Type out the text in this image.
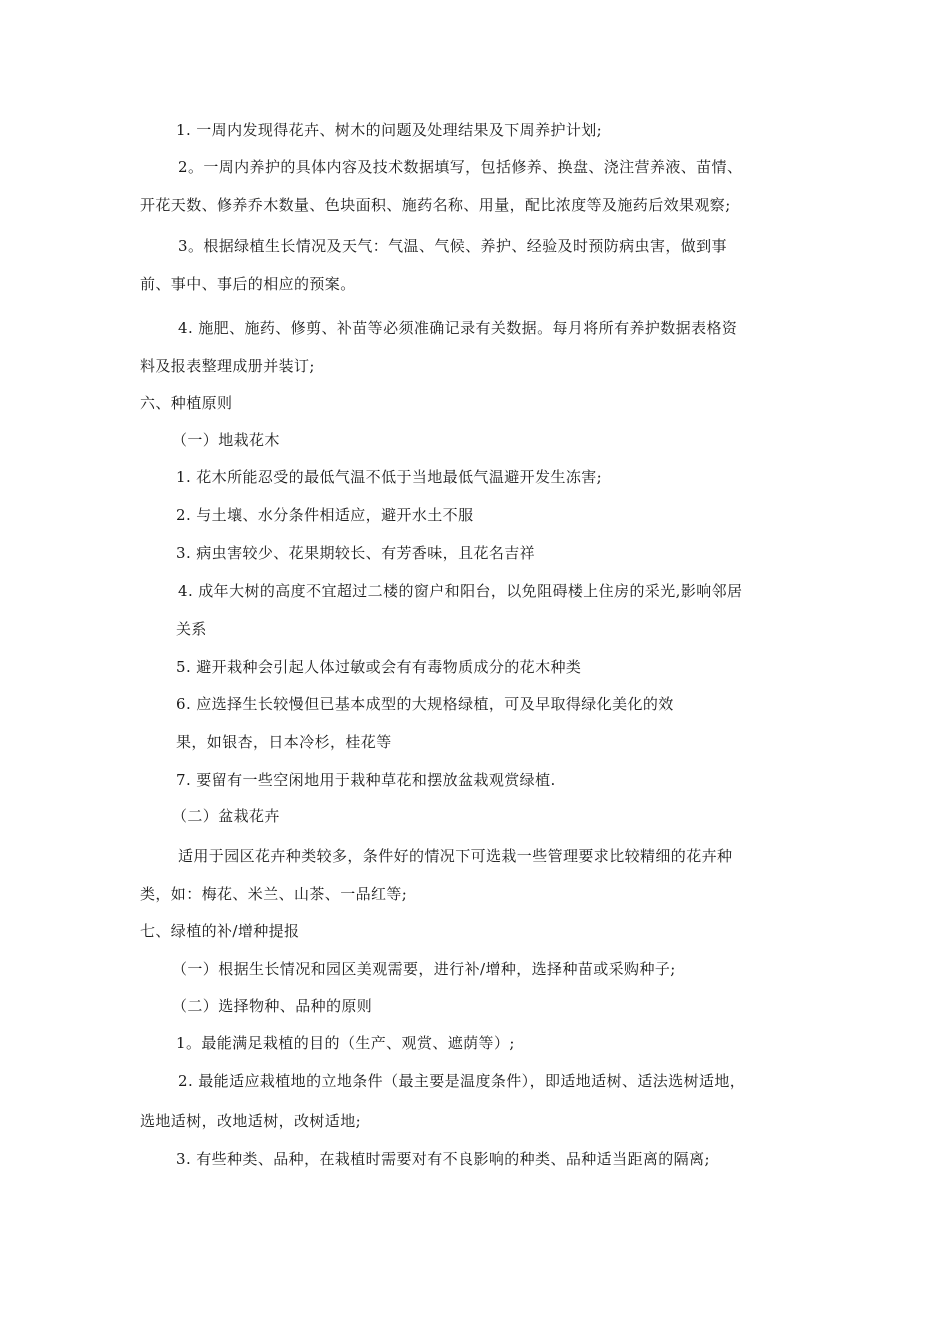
1. 一周内发现得花卉、树木的问题及处理结果及下周养护计划;
2。一周内养护的具体内容及技术数据填写，包括修养、换盘、浇注营养液、苗情、
开花天数、修养乔木数量、色块面积、施药名称、用量，配比浓度等及施药后效果观察;
3。根据绿植生长情况及天气：气温、气候、养护、经验及时预防病虫害，做到事
前、事中、事后的相应的预案。
4. 施肥、施药、修剪、补苗等必须准确记录有关数据。每月将所有养护数据表格资
料及报表整理成册并装订;
六、种植原则
（一）地栽花木
1. 花木所能忍受的最低气温不低于当地最低气温避开发生冻害;
2. 与土壤、水分条件相适应，避开水土不服
3. 病虫害较少、花果期较长、有芳香味，且花名吉祥
4. 成年大树的高度不宜超过二楼的窗户和阳台，以免阻碍楼上住房的采光,影响邻居
关系
5. 避开栽种会引起人体过敏或会有有毒物质成分的花木种类
6. 应选择生长较慢但已基本成型的大规格绿植，可及早取得绿化美化的效
果，如银杏，日本冷杉，桂花等
7. 要留有一些空闲地用于栽种草花和摆放盆栽观赏绿植.
（二）盆栽花卉
适用于园区花卉种类较多，条件好的情况下可选栽一些管理要求比较精细的花卉种
类，如：梅花、米兰、山茶、一品红等;
七、绿植的补/增种提报
（一）根据生长情况和园区美观需要，进行补/增种，选择种苗或采购种子;
（二）选择物种、品种的原则
1。最能满足栽植的目的（生产、观赏、遮荫等）;
2. 最能适应栽植地的立地条件（最主要是温度条件），即适地适树、适法选树适地，
选地适树，改地适树，改树适地;
3. 有些种类、品种，在栽植时需要对有不良影响的种类、品种适当距离的隔离;
